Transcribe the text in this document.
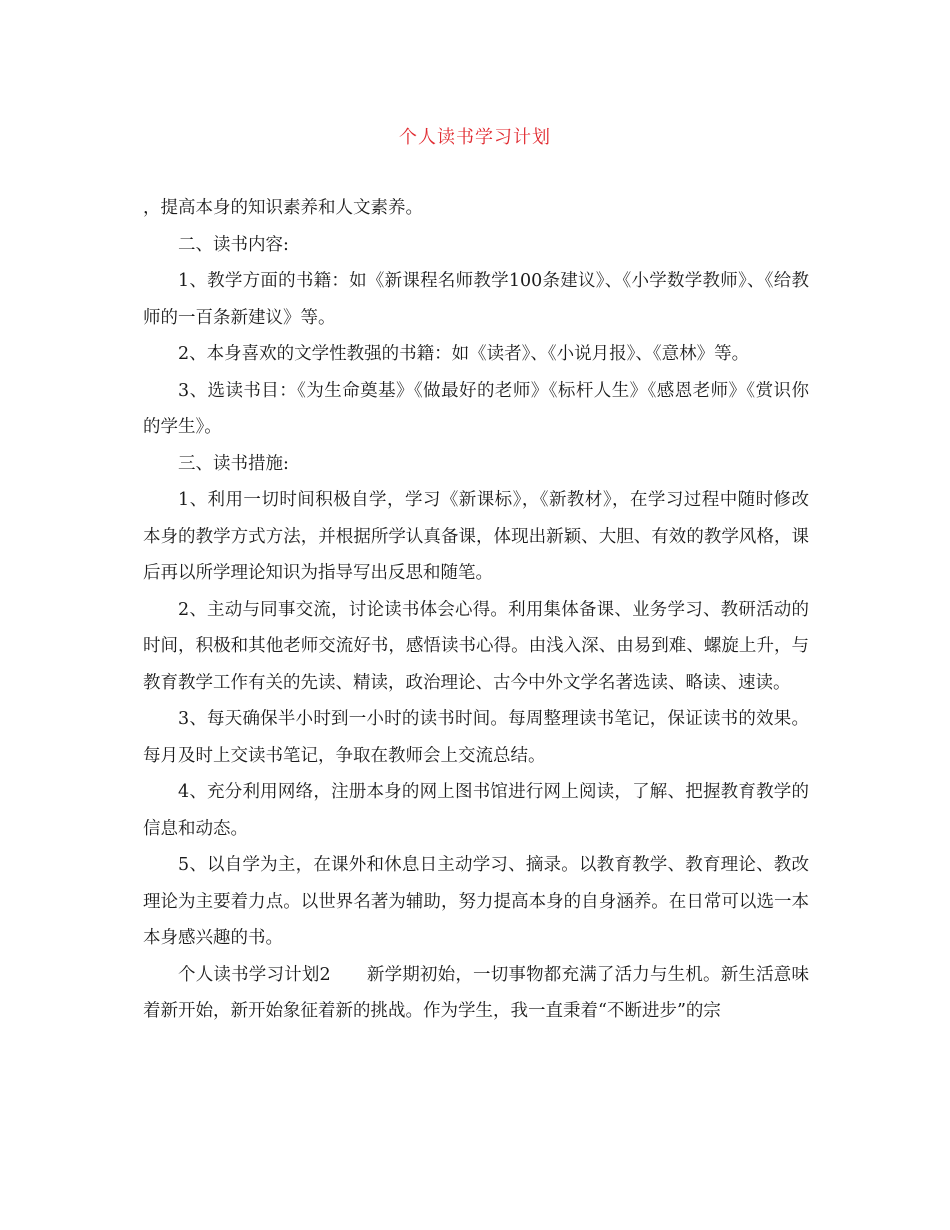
个人读书学习计划

，提高本身的知识素养和人文素养。

二、读书内容:

1、教学方面的书籍：如《新课程名师教学100条建议》、《小学数学教师》、《给教师的一百条新建议》等。

2、本身喜欢的文学性教强的书籍：如《读者》、《小说月报》、《意林》等。

3、选读书目：《为生命奠基》《做最好的老师》《标杆人生》《感恩老师》《赏识你的学生》。

三、读书措施:

1、利用一切时间积极自学，学习《新课标》，《新教材》，在学习过程中随时修改本身的教学方式方法，并根据所学认真备课，体现出新颖、大胆、有效的教学风格，课后再以所学理论知识为指导写出反思和随笔。

2、主动与同事交流，讨论读书体会心得。利用集体备课、业务学习、教研活动的时间，积极和其他老师交流好书，感悟读书心得。由浅入深、由易到难、螺旋上升，与教育教学工作有关的先读、精读，政治理论、古今中外文学名著选读、略读、速读。

3、每天确保半小时到一小时的读书时间。每周整理读书笔记，保证读书的效果。每月及时上交读书笔记，争取在教师会上交流总结。

4、充分利用网络，注册本身的网上图书馆进行网上阅读，了解、把握教育教学的信息和动态。

5、以自学为主，在课外和休息日主动学习、摘录。以教育教学、教育理论、教改理论为主要着力点。以世界名著为辅助，努力提高本身的自身涵养。在日常可以选一本本身感兴趣的书。

个人读书学习计划2 新学期初始，一切事物都充满了活力与生机。新生活意味着新开始，新开始象征着新的挑战。作为学生，我一直秉着“不断进步”的宗
